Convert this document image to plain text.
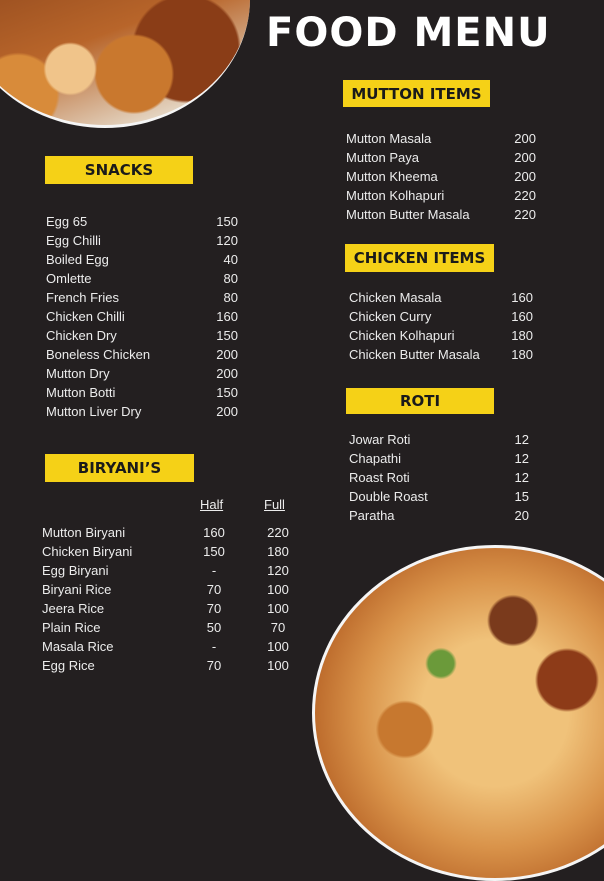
FOOD MENU
SNACKS
Egg 65	150
Egg Chilli	120
Boiled Egg	40
Omlette	80
French Fries	80
Chicken Chilli	160
Chicken Dry	150
Boneless Chicken	200
Mutton Dry	200
Mutton Botti	150
Mutton Liver Dry	200
BIRYANI’S
Half	Full
Mutton Biryani	160	220
Chicken Biryani	150	180
Egg Biryani	-	120
Biryani Rice	70	100
Jeera Rice	70	100
Plain Rice	50	70
Masala Rice	-	100
Egg Rice	70	100
MUTTON ITEMS
Mutton Masala	200
Mutton Paya	200
Mutton Kheema	200
Mutton Kolhapuri	220
Mutton Butter Masala	220
CHICKEN ITEMS
Chicken Masala	160
Chicken Curry	160
Chicken Kolhapuri	180
Chicken Butter Masala 180
ROTI
Jowar Roti	12
Chapathi	12
Roast Roti	12
Double Roast	15
Paratha	20
